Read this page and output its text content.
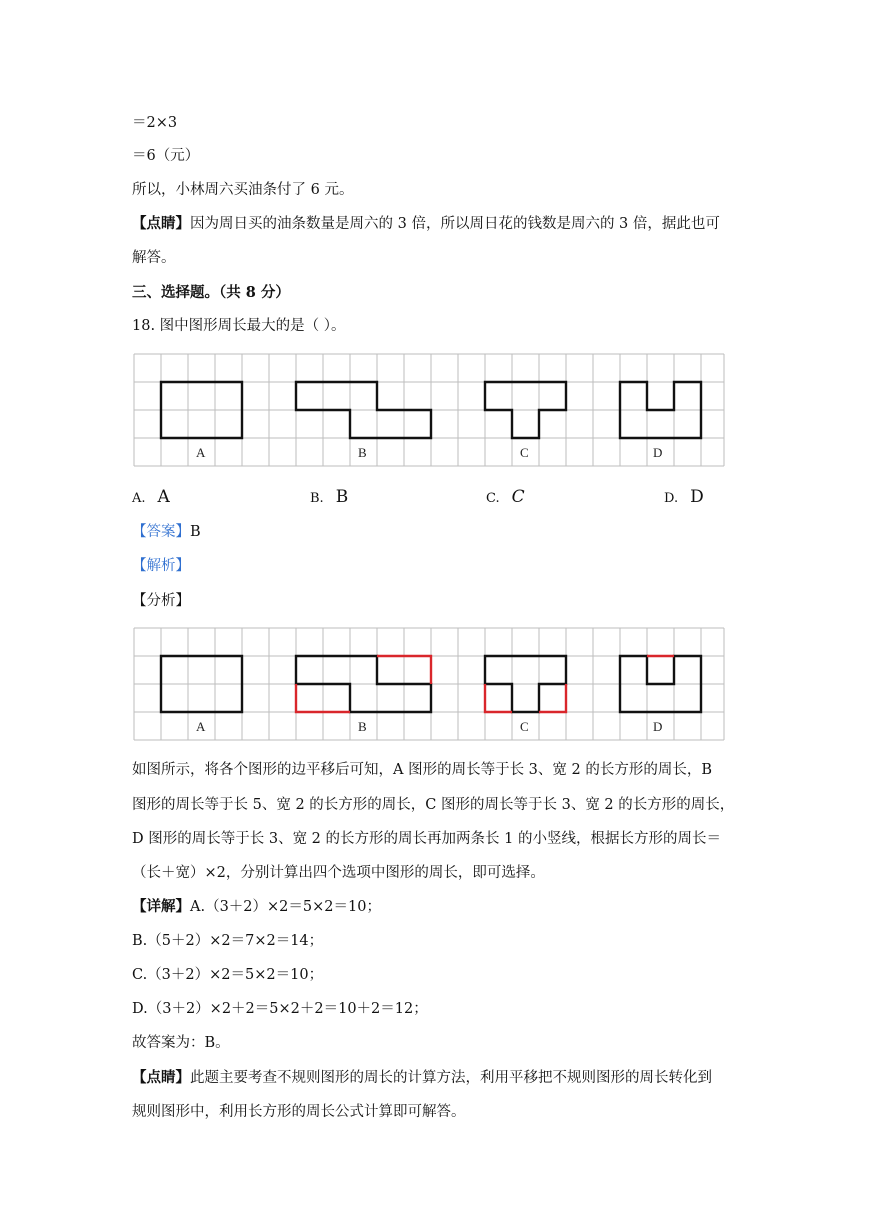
＝2×3
＝6（元）
所以，小林周六买油条付了 6 元。
【点睛】因为周日买的油条数量是周六的 3 倍，所以周日花的钱数是周六的 3 倍，据此也可
解答。
三、选择题。（共 8 分）
18. 图中图形周长最大的是（ ）。
A	B	C	D
A. A	B. B	C. C	D. D
【答案】B
【解析】
【分析】
A	B	C	D
如图所示，将各个图形的边平移后可知，A 图形的周长等于长 3、宽 2 的长方形的周长，B
图形的周长等于长 5、宽 2 的长方形的周长，C 图形的周长等于长 3、宽 2 的长方形的周长，
D 图形的周长等于长 3、宽 2 的长方形的周长再加两条长 1 的小竖线，根据长方形的周长＝
（长＋宽）×2，分别计算出四个选项中图形的周长，即可选择。
【详解】A.（3＋2）×2＝5×2＝10；
B.（5＋2）×2＝7×2＝14；
C.（3＋2）×2＝5×2＝10；
D.（3＋2）×2＋2＝5×2＋2＝10＋2＝12；
故答案为：B。
【点睛】此题主要考查不规则图形的周长的计算方法，利用平移把不规则图形的周长转化到
规则图形中，利用长方形的周长公式计算即可解答。
